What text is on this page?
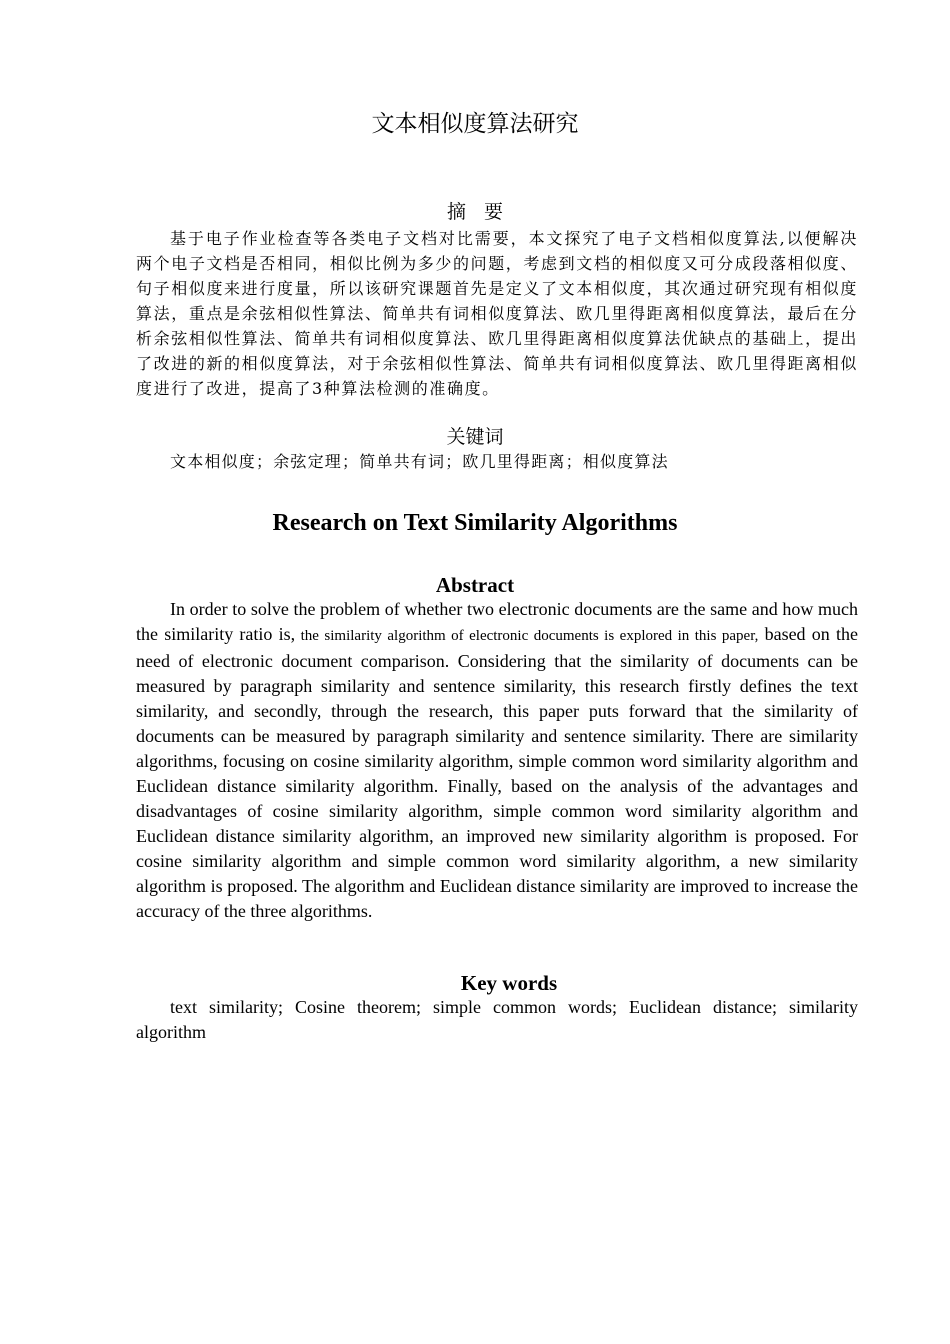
文本相似度算法研究
摘要
基于电子作业检查等各类电子文档对比需要，本文探究了电子文档相似度算法,以便解决两个电子文档是否相同，相似比例为多少的问题，考虑到文档的相似度又可分成段落相似度、句子相似度来进行度量，所以该研究课题首先是定义了文本相似度，其次通过研究现有相似度算法，重点是余弦相似性算法、简单共有词相似度算法、欧几里得距离相似度算法，最后在分析余弦相似性算法、简单共有词相似度算法、欧几里得距离相似度算法优缺点的基础上，提出了改进的新的相似度算法，对于余弦相似性算法、简单共有词相似度算法、欧几里得距离相似度进行了改进，提高了3种算法检测的准确度。
关键词
文本相似度；余弦定理；简单共有词；欧几里得距离；相似度算法
Research on Text Similarity Algorithms
Abstract
In order to solve the problem of whether two electronic documents are the same and how much the similarity ratio is, the similarity algorithm of electronic documents is explored in this paper, based on the need of electronic document comparison. Considering that the similarity of documents can be measured by paragraph similarity and sentence similarity, this research firstly defines the text similarity, and secondly, through the research, this paper puts forward that the similarity of documents can be measured by paragraph similarity and sentence similarity. There are similarity algorithms, focusing on cosine similarity algorithm, simple common word similarity algorithm and Euclidean distance similarity algorithm. Finally, based on the analysis of the advantages and disadvantages of cosine similarity algorithm, simple common word similarity algorithm and Euclidean distance similarity algorithm, an improved new similarity algorithm is proposed. For cosine similarity algorithm and simple common word similarity algorithm, a new similarity algorithm is proposed. The algorithm and Euclidean distance similarity are improved to increase the accuracy of the three algorithms.
Key words
text similarity; Cosine theorem; simple common words; Euclidean distance; similarity algorithm
